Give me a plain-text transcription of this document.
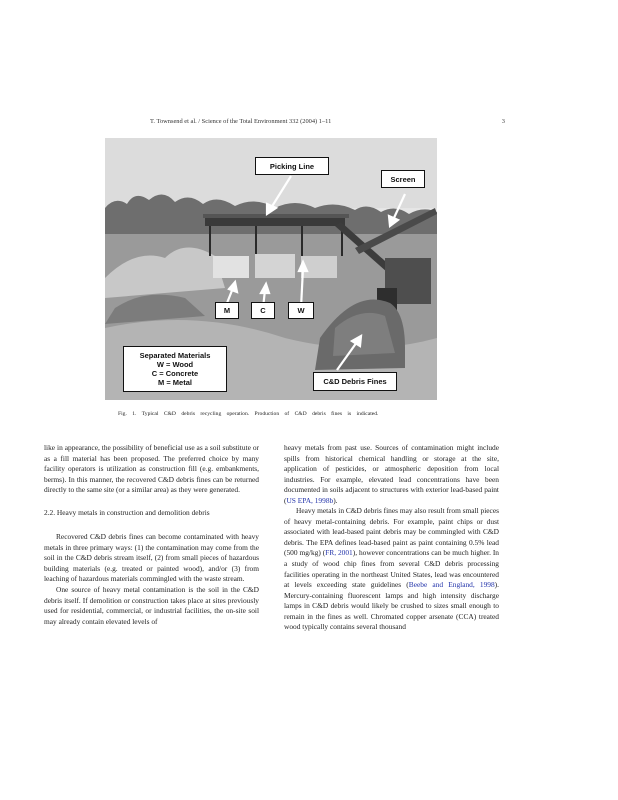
T. Townsend et al. / Science of the Total Environment 332 (2004) 1–11	3
Picking Line
Screen
M	C	W
Separated Materials
W = Wood
C = Concrete
M = Metal	C&D Debris Fines
Fig. 1. Typical C&D debris recycling operation. Production of C&D debris fines is indicated.

like in appearance, the possibility of beneficial use as a soil substitute or as a fill material has been proposed. The preferred choice by many facility operators is utilization as construction fill (e.g. embankments, berms). In this manner, the recovered C&D debris fines can be returned directly to the same site (or a similar area) as they were generated.

2.2. Heavy metals in construction and demolition debris

Recovered C&D debris fines can become contaminated with heavy metals in three primary ways: (1) the contamination may come from the soil in the C&D debris stream itself, (2) from small pieces of hazardous building materials (e.g. treated or painted wood), and/or (3) from leaching of hazardous materials commingled with the waste stream.

One source of heavy metal contamination is the soil in the C&D debris itself. If demolition or construction takes place at sites previously used for residential, commercial, or industrial facilities, the on-site soil may already contain elevated levels of

heavy metals from past use. Sources of contamination might include spills from historical chemical handling or storage at the site, application of pesticides, or atmospheric deposition from local industries. For example, elevated lead concentrations have been documented in soils adjacent to structures with exterior lead-based paint (US EPA, 1998b).

Heavy metals in C&D debris fines may also result from small pieces of heavy metal-containing debris. For example, paint chips or dust associated with lead-based paint debris may be commingled with C&D debris. The EPA defines lead-based paint as paint containing 0.5% lead (500 mg/kg) (FR, 2001), however concentrations can be much higher. In a study of wood chip fines from several C&D debris processing facilities operating in the northeast United States, lead was encountered at levels exceeding state guidelines (Beebe and England, 1998). Mercury-containing fluorescent lamps and high intensity discharge lamps in C&D debris would likely be crushed to sizes small enough to remain in the fines as well. Chromated copper arsenate (CCA) treated wood typically contains several thousand
